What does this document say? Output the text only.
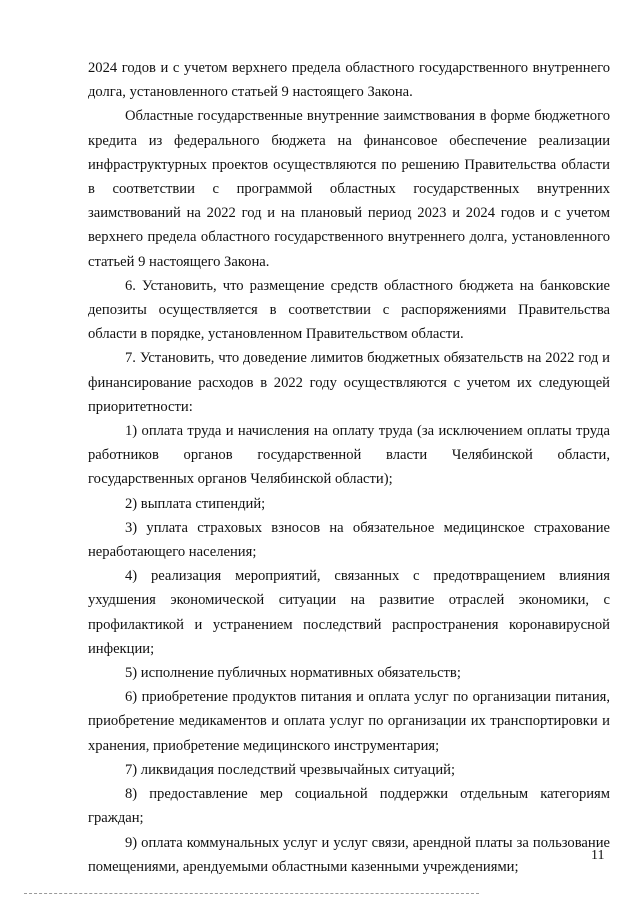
2024 годов и с учетом верхнего предела областного государственного внутреннего долга, установленного статьей 9 настоящего Закона.

Областные государственные внутренние заимствования в форме бюджетного кредита из федерального бюджета на финансовое обеспечение реализации инфраструктурных проектов осуществляются по решению Правительства области в соответствии с программой областных государственных внутренних заимствований на 2022 год и на плановый период 2023 и 2024 годов и с учетом верхнего предела областного государственного внутреннего долга, установленного статьей 9 настоящего Закона.

6. Установить, что размещение средств областного бюджета на банковские депозиты осуществляется в соответствии с распоряжениями Правительства области в порядке, установленном Правительством области.

7. Установить, что доведение лимитов бюджетных обязательств на 2022 год и финансирование расходов в 2022 году осуществляются с учетом их следующей приоритетности:

1) оплата труда и начисления на оплату труда (за исключением оплаты труда работников органов государственной власти Челябинской области, государственных органов Челябинской области);

2) выплата стипендий;

3) уплата страховых взносов на обязательное медицинское страхование неработающего населения;

4) реализация мероприятий, связанных с предотвращением влияния ухудшения экономической ситуации на развитие отраслей экономики, с профилактикой и устранением последствий распространения коронавирусной инфекции;

5) исполнение публичных нормативных обязательств;

6) приобретение продуктов питания и оплата услуг по организации питания, приобретение медикаментов и оплата услуг по организации их транспортировки и хранения, приобретение медицинского инструментария;

7) ликвидация последствий чрезвычайных ситуаций;

8) предоставление мер социальной поддержки отдельным категориям граждан;

9) оплата коммунальных услуг и услуг связи, арендной платы за пользование помещениями, арендуемыми областными казенными учреждениями;

11
